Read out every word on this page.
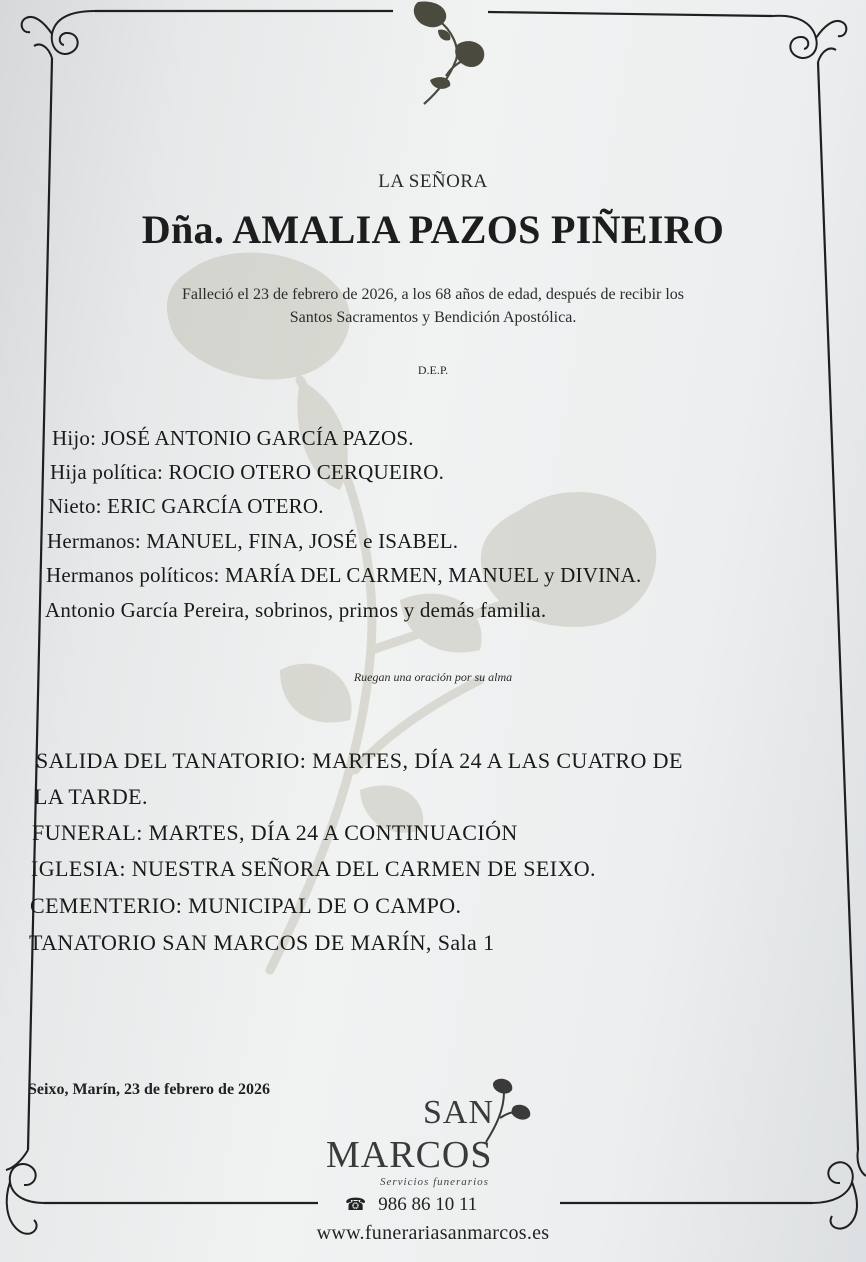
LA SEÑORA
Dña. AMALIA PAZOS PIÑEIRO
Falleció el 23 de febrero de 2026, a los 68 años de edad, después de recibir los
Santos Sacramentos y Bendición Apostólica.
D.E.P.
Hijo: JOSÉ ANTONIO GARCÍA PAZOS.
Hija política: ROCIO OTERO CERQUEIRO.
Nieto: ERIC GARCÍA OTERO.
Hermanos: MANUEL, FINA, JOSÉ e ISABEL.
Hermanos políticos: MARÍA DEL CARMEN, MANUEL y DIVINA.
Antonio García Pereira, sobrinos, primos y demás familia.
Ruegan una oración por su alma
SALIDA DEL TANATORIO: MARTES, DÍA 24 A LAS CUATRO DE
LA TARDE.
FUNERAL: MARTES, DÍA 24 A CONTINUACIÓN
IGLESIA: NUESTRA SEÑORA DEL CARMEN DE SEIXO.
CEMENTERIO: MUNICIPAL DE O CAMPO.
TANATORIO SAN MARCOS DE MARÍN, Sala 1
Seixo, Marín, 23 de febrero de 2026
SAN
MARCOS
Servicios funerarios
☎ 986 86 10 11
www.funerariasanmarcos.es
